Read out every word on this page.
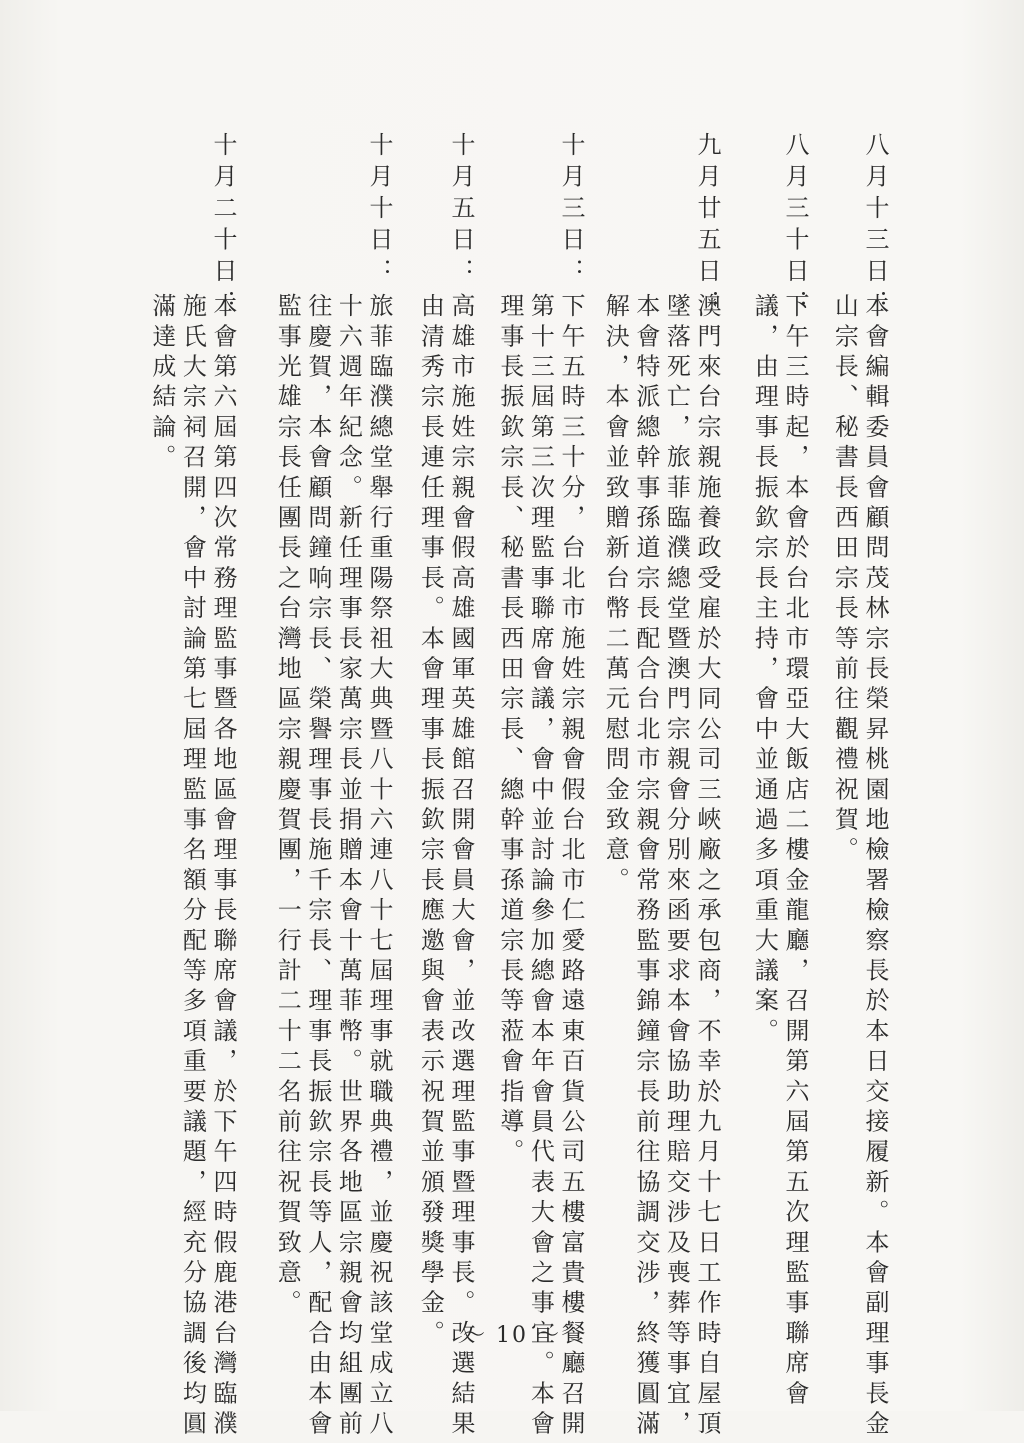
八月十三日：
本會編輯委員會顧問茂林宗長榮昇桃園地檢署檢察長於本日交接履新。本會副理事長金山宗長、秘書長西田宗長等前往觀禮祝賀。
八月三十日：
下午三時起，本會於台北市環亞大飯店二樓金龍廳，召開第六屆第五次理監事聯席會議，由理事長振欽宗長主持，會中並通過多項重大議案。
九月廿五日：
澳門來台宗親施養政受雇於大同公司三峽廠之承包商，不幸於九月十七日工作時自屋頂墜落死亡，旅菲臨濮總堂暨澳門宗親會分別來函要求本會協助理賠交涉及喪葬等事宜，本會特派總幹事孫道宗長配合台北市宗親會常務監事錦鐘宗長前往協調交涉，終獲圓滿解決，本會並致贈新台幣二萬元慰問金致意。
十月三日：
下午五時三十分，台北市施姓宗親會假台北市仁愛路遠東百貨公司五樓富貴樓餐廳召開第十三屆第三次理監事聯席會議，會中並討論參加總會本年會員代表大會之事宜。本會理事長振欽宗長、秘書長西田宗長、總幹事孫道宗長等蒞會指導。
十月五日：
高雄市施姓宗親會假高雄國軍英雄館召開會員大會，並改選理監事暨理事長。改選結果由清秀宗長連任理事長。本會理事長振欽宗長應邀與會表示祝賀並頒發獎學金。
十月十日：
旅菲臨濮總堂舉行重陽祭祖大典暨八十六連八十七屆理事就職典禮，並慶祝該堂成立八十六週年紀念。新任理事長家萬宗長並捐贈本會十萬菲幣。世界各地區宗親會均組團前往慶賀，本會顧問鐘响宗長、榮譽理事長施千宗長、理事長振欽宗長等人，配合由本會監事光雄宗長任團長之台灣地區宗親慶賀團，一行計二十二名前往祝賀致意。
十月二十日：
本會第六屆第四次常務理監事暨各地區會理事長聯席會議，於下午四時假鹿港台灣臨濮施氏大宗祠召開，會中討論第七屆理監事名額分配等多項重要議題，經充分協調後均圓滿達成結論。
～ 10 ～
